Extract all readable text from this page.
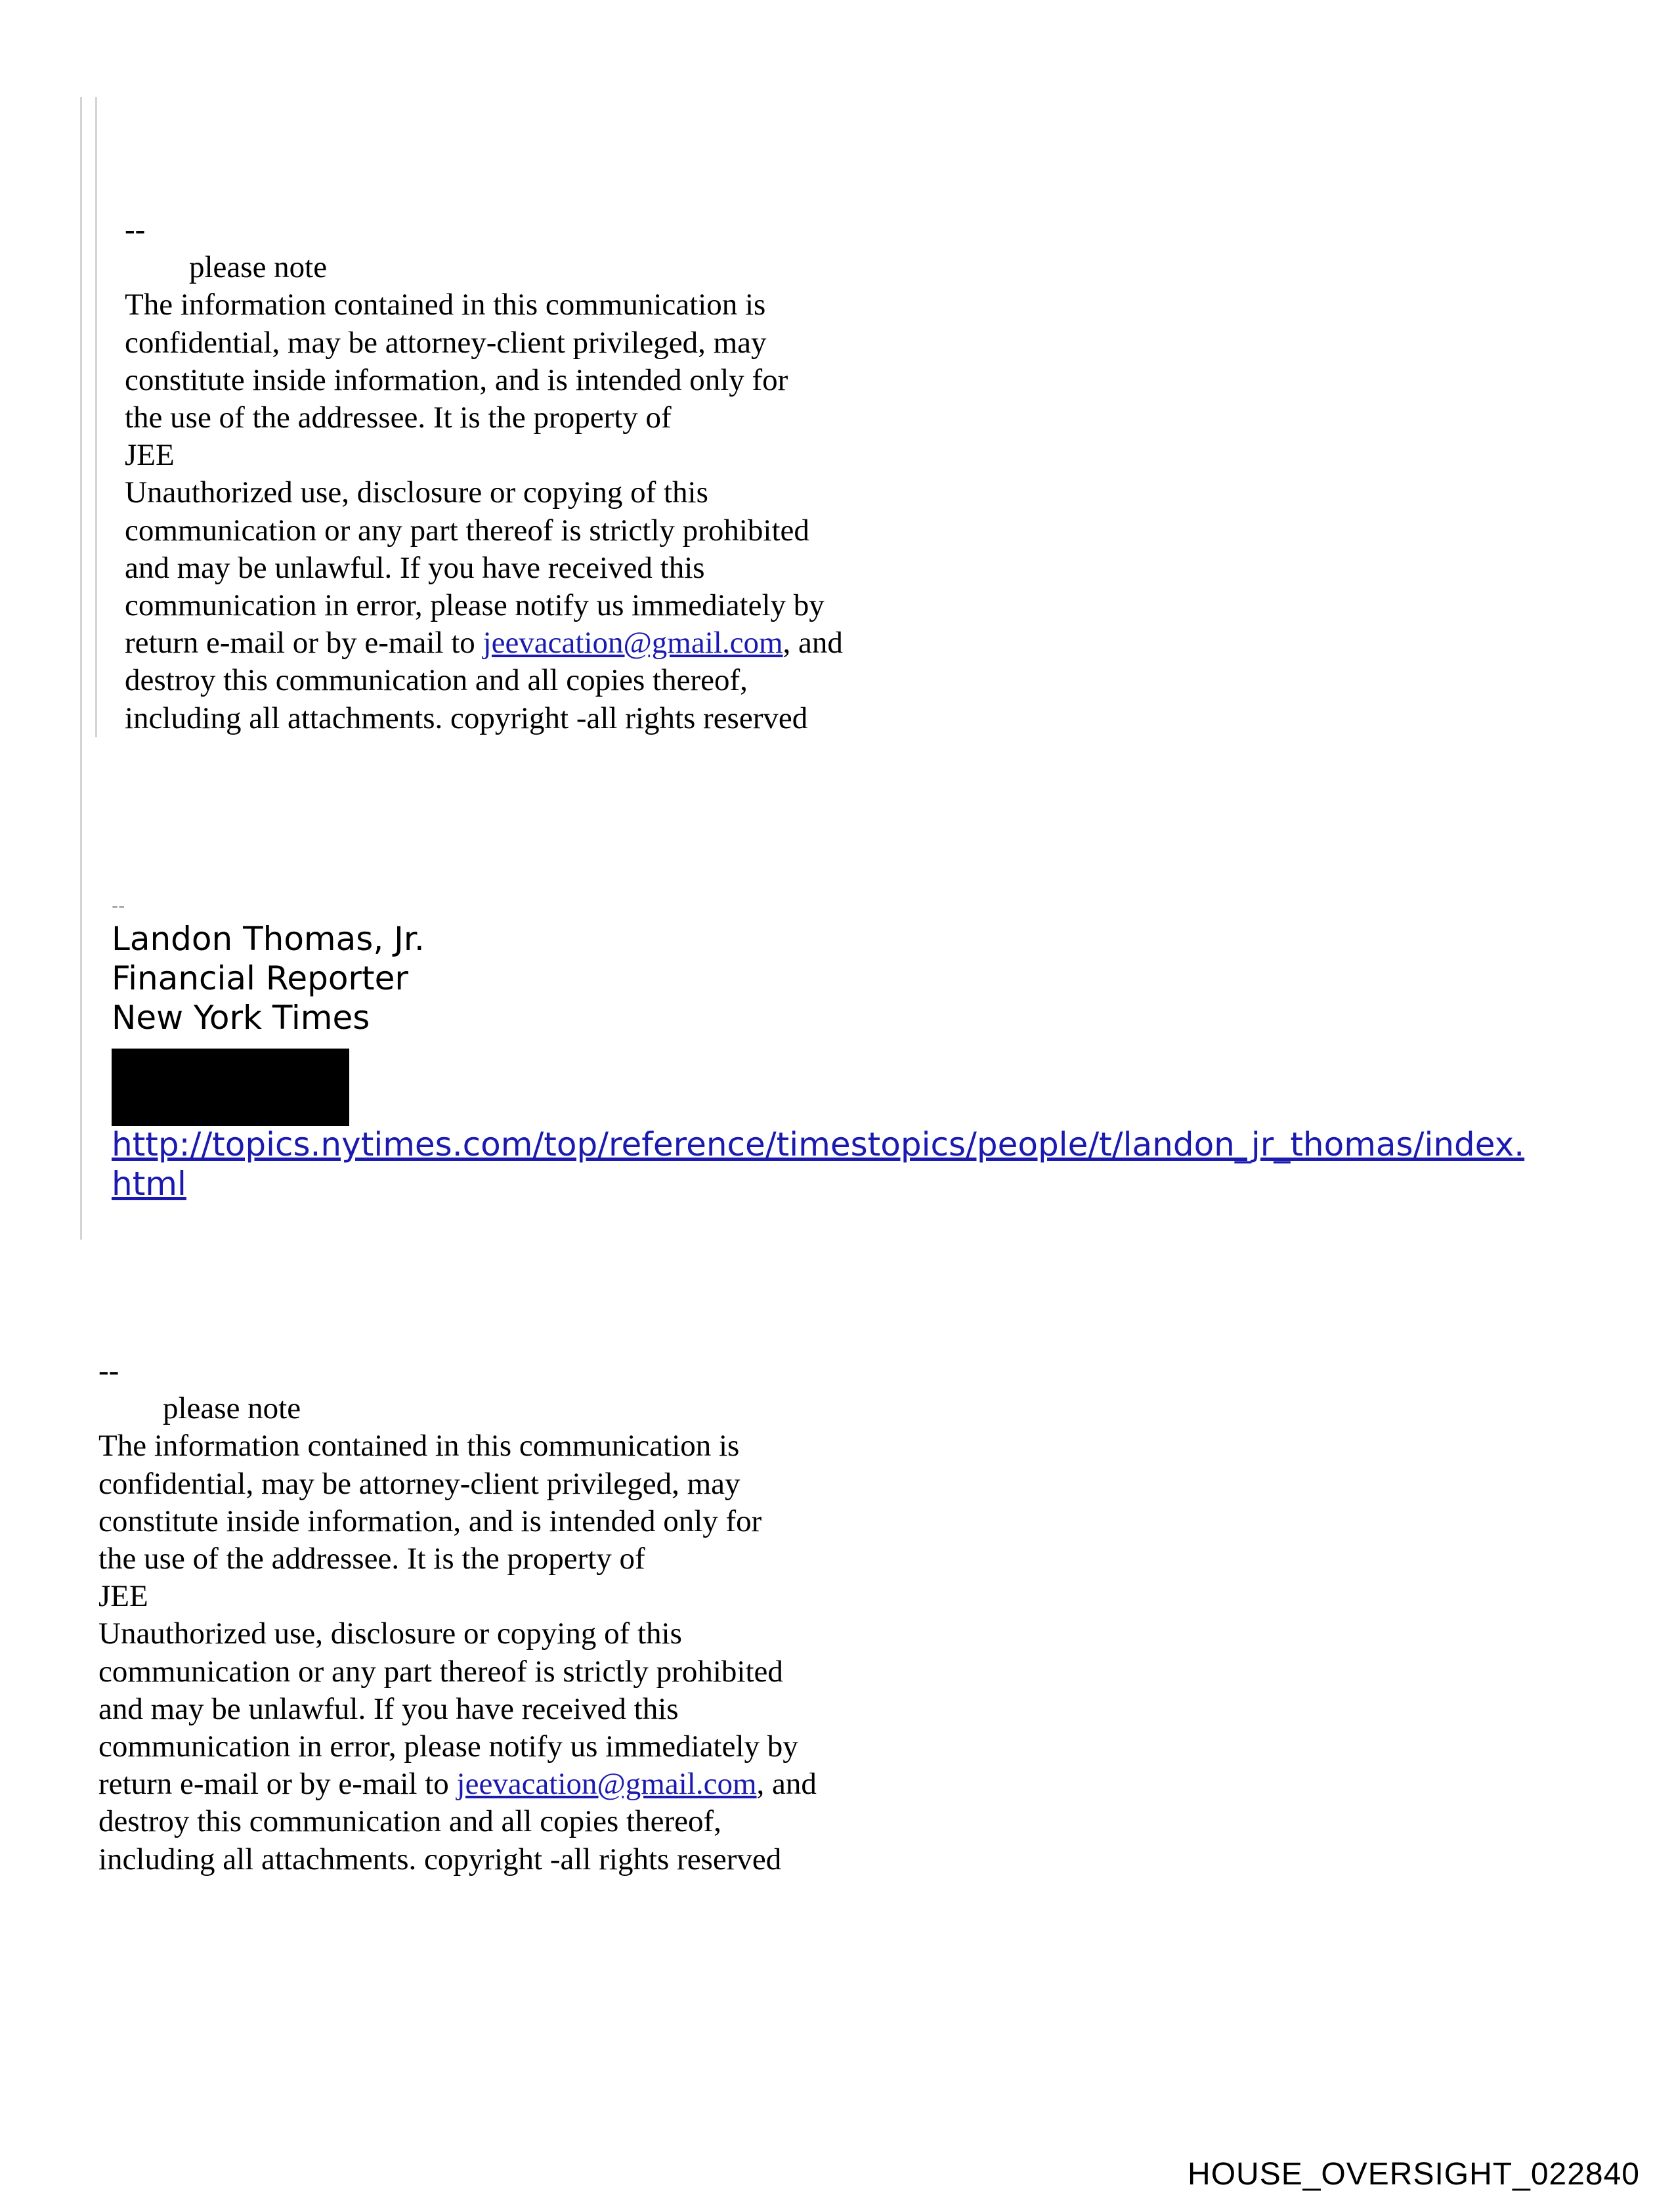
--
please note
The information contained in this communication is
confidential, may be attorney-client privileged, may
constitute inside information, and is intended only for
the use of the addressee. It is the property of
JEE
Unauthorized use, disclosure or copying of this
communication or any part thereof is strictly prohibited
and may be unlawful. If you have received this
communication in error, please notify us immediately by
return e-mail or by e-mail to jeevacation@gmail.com, and
destroy this communication and all copies thereof,
including all attachments. copyright -all rights reserved
--
Landon Thomas, Jr.
Financial Reporter
New York Times
http://topics.nytimes.com/top/reference/timestopics/people/t/landon_jr_thomas/index.
html
--
please note
The information contained in this communication is
confidential, may be attorney-client privileged, may
constitute inside information, and is intended only for
the use of the addressee. It is the property of
JEE
Unauthorized use, disclosure or copying of this
communication or any part thereof is strictly prohibited
and may be unlawful. If you have received this
communication in error, please notify us immediately by
return e-mail or by e-mail to jeevacation@gmail.com, and
destroy this communication and all copies thereof,
including all attachments. copyright -all rights reserved
HOUSE_OVERSIGHT_022840
